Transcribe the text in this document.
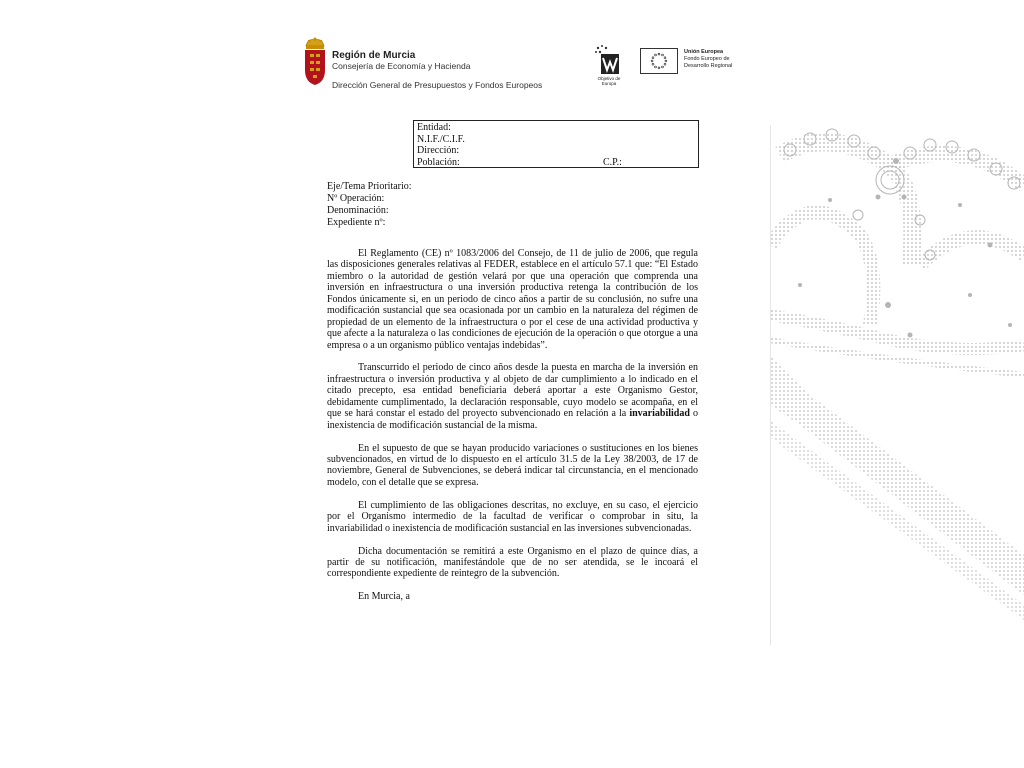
Región de Murcia
Consejería de Economía y Hacienda
Dirección General de Presupuestos y Fondos Europeos
Objetivo de Europa
Unión Europea
Fondo Europeo de
Desarrollo Regional
Entidad:
N.I.F./C.I.F.
Dirección:
Población:	C.P.:
Eje/Tema Prioritario:
Nº Operación:
Denominación:
Expediente nº:

El Reglamento (CE) nº 1083/2006 del Consejo, de 11 de julio de 2006, que regula las disposiciones generales relativas al FEDER, establece en el artículo 57.1 que: “El Estado miembro o la autoridad de gestión velará por que una operación que comprenda una inversión en infraestructura o una inversión productiva retenga la contribución de los Fondos únicamente si, en un periodo de cinco años a partir de su conclusión, no sufre una modificación sustancial que sea ocasionada por un cambio en la naturaleza del régimen de propiedad de un elemento de la infraestructura o por el cese de una actividad productiva y que afecte a la naturaleza o las condiciones de ejecución de la operación o que otorgue a una empresa o a un organismo público ventajas indebidas”.

Transcurrido el periodo de cinco años desde la puesta en marcha de la inversión en infraestructura o inversión productiva y al objeto de dar cumplimiento a lo indicado en el citado precepto, esa entidad beneficiaria deberá aportar a este Organismo Gestor, debidamente cumplimentado, la declaración responsable, cuyo modelo se acompaña, en el que se hará constar el estado del proyecto subvencionado en relación a la invariabilidad o inexistencia de modificación sustancial de la misma.

En el supuesto de que se hayan producido variaciones o sustituciones en los bienes subvencionados, en virtud de lo dispuesto en el artículo 31.5 de la Ley 38/2003, de 17 de noviembre, General de Subvenciones, se deberá indicar tal circunstancia, en el mencionado modelo, con el detalle que se expresa.

El cumplimiento de las obligaciones descritas, no excluye, en su caso, el ejercicio por el Organismo intermedio de la facultad de verificar o comprobar in situ, la invariabilidad o inexistencia de modificación sustancial en las inversiones subvencionadas.

Dicha documentación se remitirá a este Organismo en el plazo de quince días, a partir de su notificación, manifestándole que de no ser atendida, se le incoará el correspondiente expediente de reintegro de la subvención.

En Murcia, a
